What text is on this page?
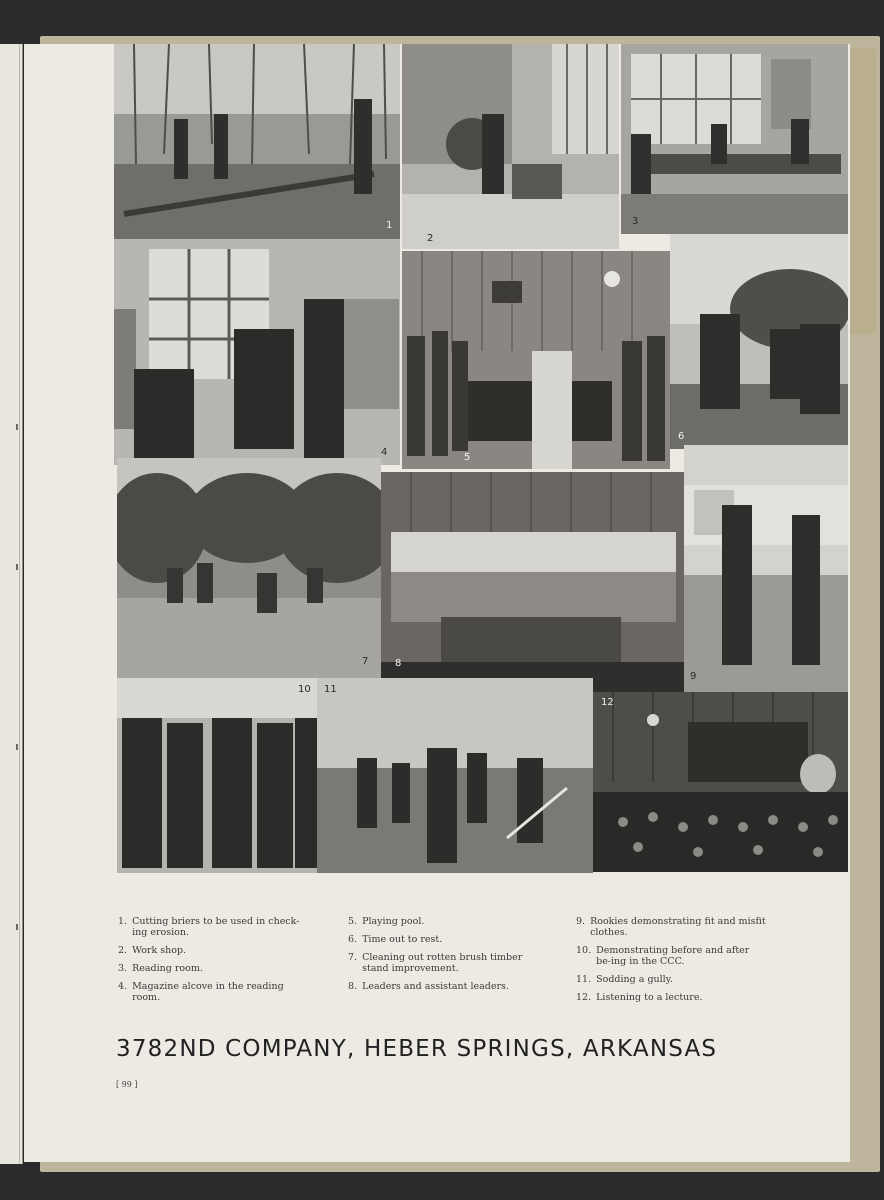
1
2
3
4	5
6
7	8
9
10 11
12
1. Cutting briers to be used in check-ing erosion.
2. Work shop.
3. Reading room.
4. Magazine alcove in the reading room.
5. Playing pool.
6. Time out to rest.
7. Cleaning out rotten brush timber stand improvement.
8. Leaders and assistant leaders.
9. Rookies demonstrating fit and misfit clothes.
10. Demonstrating before and after be-ing in the CCC.
11. Sodding a gully.
12. Listening to a lecture.
3782ND COMPANY, HEBER SPRINGS, ARKANSAS
[ 99 ]
